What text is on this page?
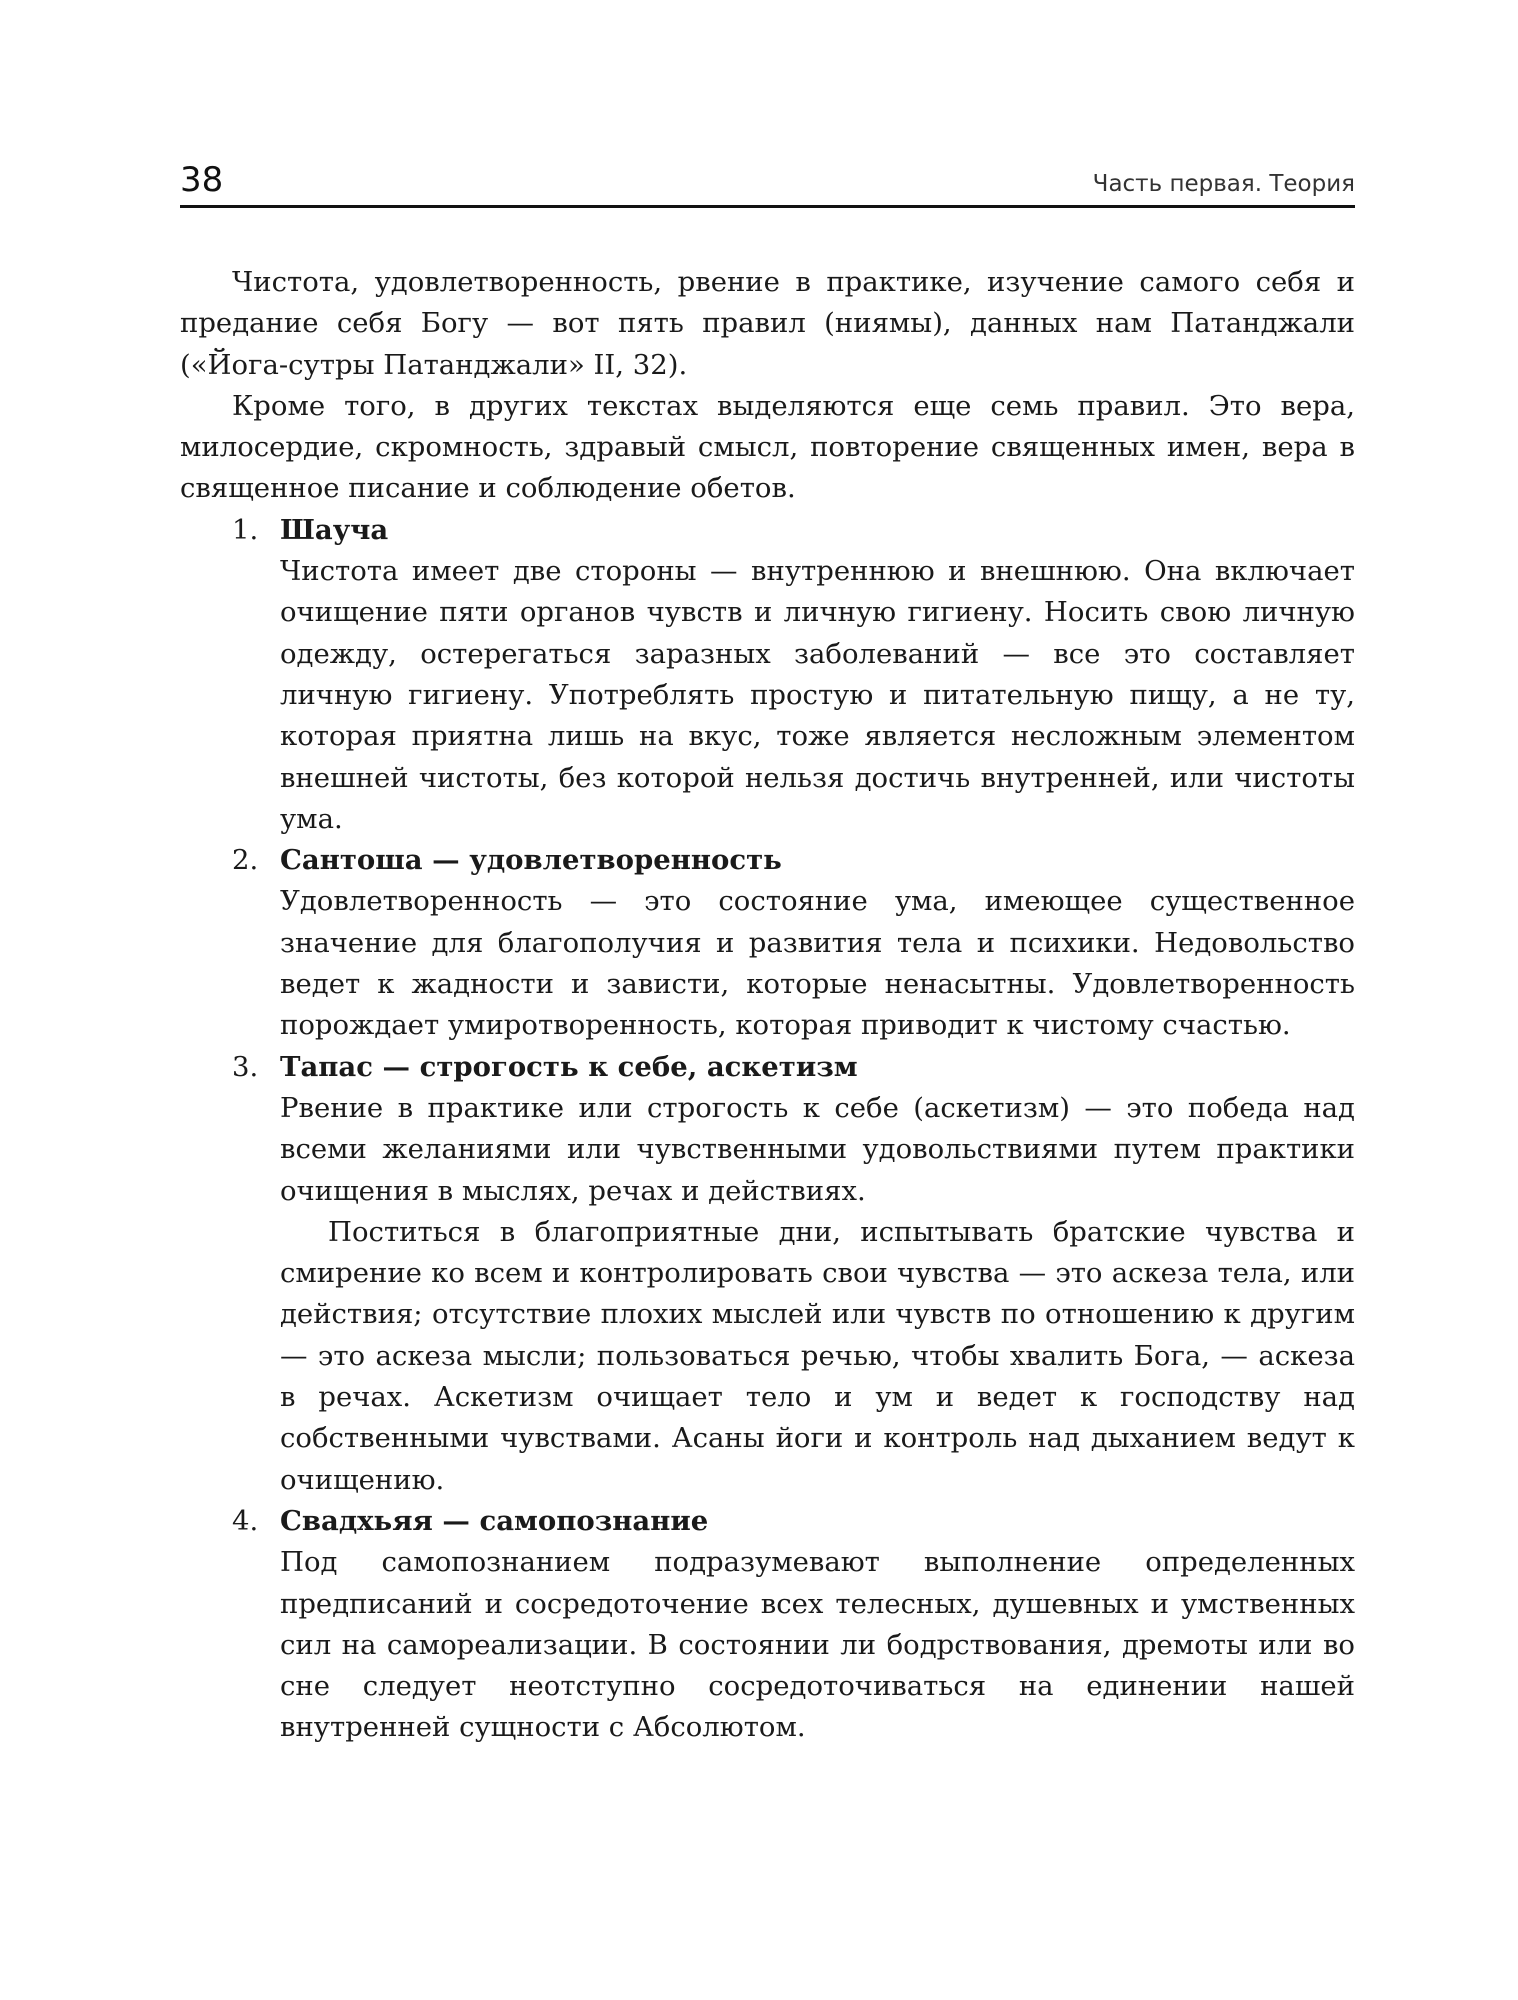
38	Часть первая. Теория

Чистота, удовлетворенность, рвение в практике, изучение самого себя и предание себя Богу — вот пять правил (ниямы), данных нам Патанджали («Йога-сутры Патанджали» II, 32).

Кроме того, в других текстах выделяются еще семь правил. Это вера, милосердие, скромность, здравый смысл, повторение священных имен, вера в священное писание и соблюдение обетов.

1. Шауча

Чистота имеет две стороны — внутреннюю и внешнюю. Она включает очищение пяти органов чувств и личную гигиену. Носить свою личную одежду, остерегаться заразных заболеваний — все это составляет личную гигиену. Употреблять простую и питательную пищу, а не ту, которая приятна лишь на вкус, тоже является несложным элементом внешней чистоты, без которой нельзя достичь внутренней, или чистоты ума.

2. Сантоша — удовлетворенность

Удовлетворенность — это состояние ума, имеющее существенное значение для благополучия и развития тела и психики. Недовольство ведет к жадности и зависти, которые ненасытны. Удовлетворенность порождает умиротворенность, которая приводит к чистому счастью.

3. Тапас — строгость к себе, аскетизм

Рвение в практике или строгость к себе (аскетизм) — это победа над всеми желаниями или чувственными удовольствиями путем практики очищения в мыслях, речах и действиях.

Поститься в благоприятные дни, испытывать братские чувства и смирение ко всем и контролировать свои чувства — это аскеза тела, или действия; отсутствие плохих мыслей или чувств по отношению к другим — это аскеза мысли; пользоваться речью, чтобы хвалить Бога, — аскеза в речах. Аскетизм очищает тело и ум и ведет к господству над собственными чувствами. Асаны йоги и контроль над дыханием ведут к очищению.

4. Свадхьяя — самопознание

Под самопознанием подразумевают выполнение определенных предписаний и сосредоточение всех телесных, душевных и умственных сил на самореализации. В состоянии ли бодрствования, дремоты или во сне следует неотступно сосредоточиваться на единении нашей внутренней сущности с Абсолютом.
